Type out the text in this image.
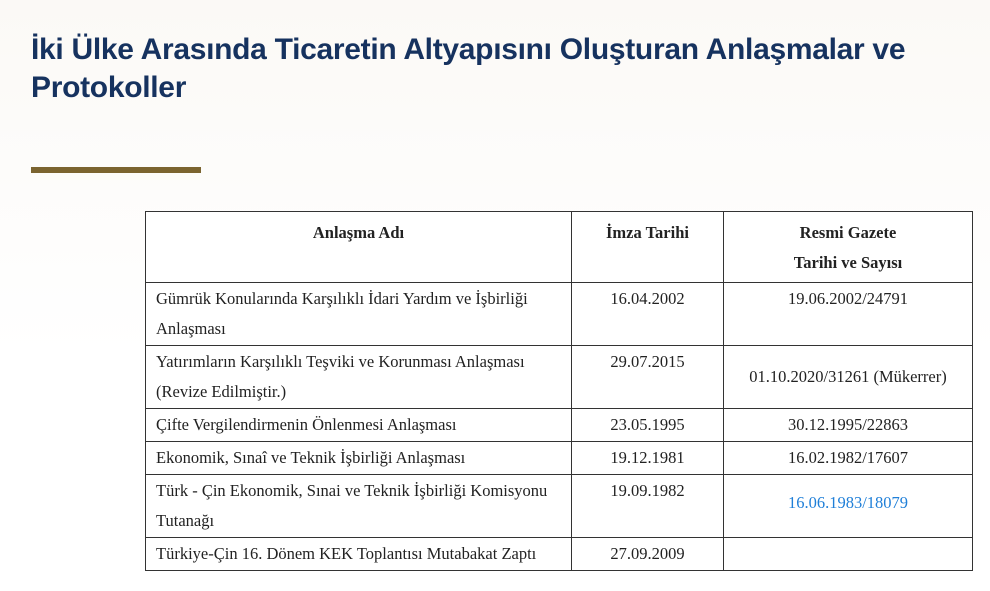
İki Ülke Arasında Ticaretin Altyapısını Oluşturan Anlaşmalar ve Protokoller
Anlaşma Adı	İmza Tarihi	Resmi Gazete
Tarihi ve Sayısı

Gümrük Konularında Karşılıklı İdari Yardım ve İşbirliği Anlaşması	16.04.2002	19.06.2002/24791
Yatırımların Karşılıklı Teşviki ve Korunması Anlaşması (Revize Edilmiştir.)	29.07.2015	01.10.2020/31261 (Mükerrer)
Çifte Vergilendirmenin Önlenmesi Anlaşması	23.05.1995	30.12.1995/22863
Ekonomik, Sınaî ve Teknik İşbirliği Anlaşması	19.12.1981	16.02.1982/17607
Türk - Çin Ekonomik, Sınai ve Teknik İşbirliği Komisyonu Tutanağı	19.09.1982	16.06.1983/18079
Türkiye-Çin 16. Dönem KEK Toplantısı Mutabakat Zaptı	27.09.2009	
